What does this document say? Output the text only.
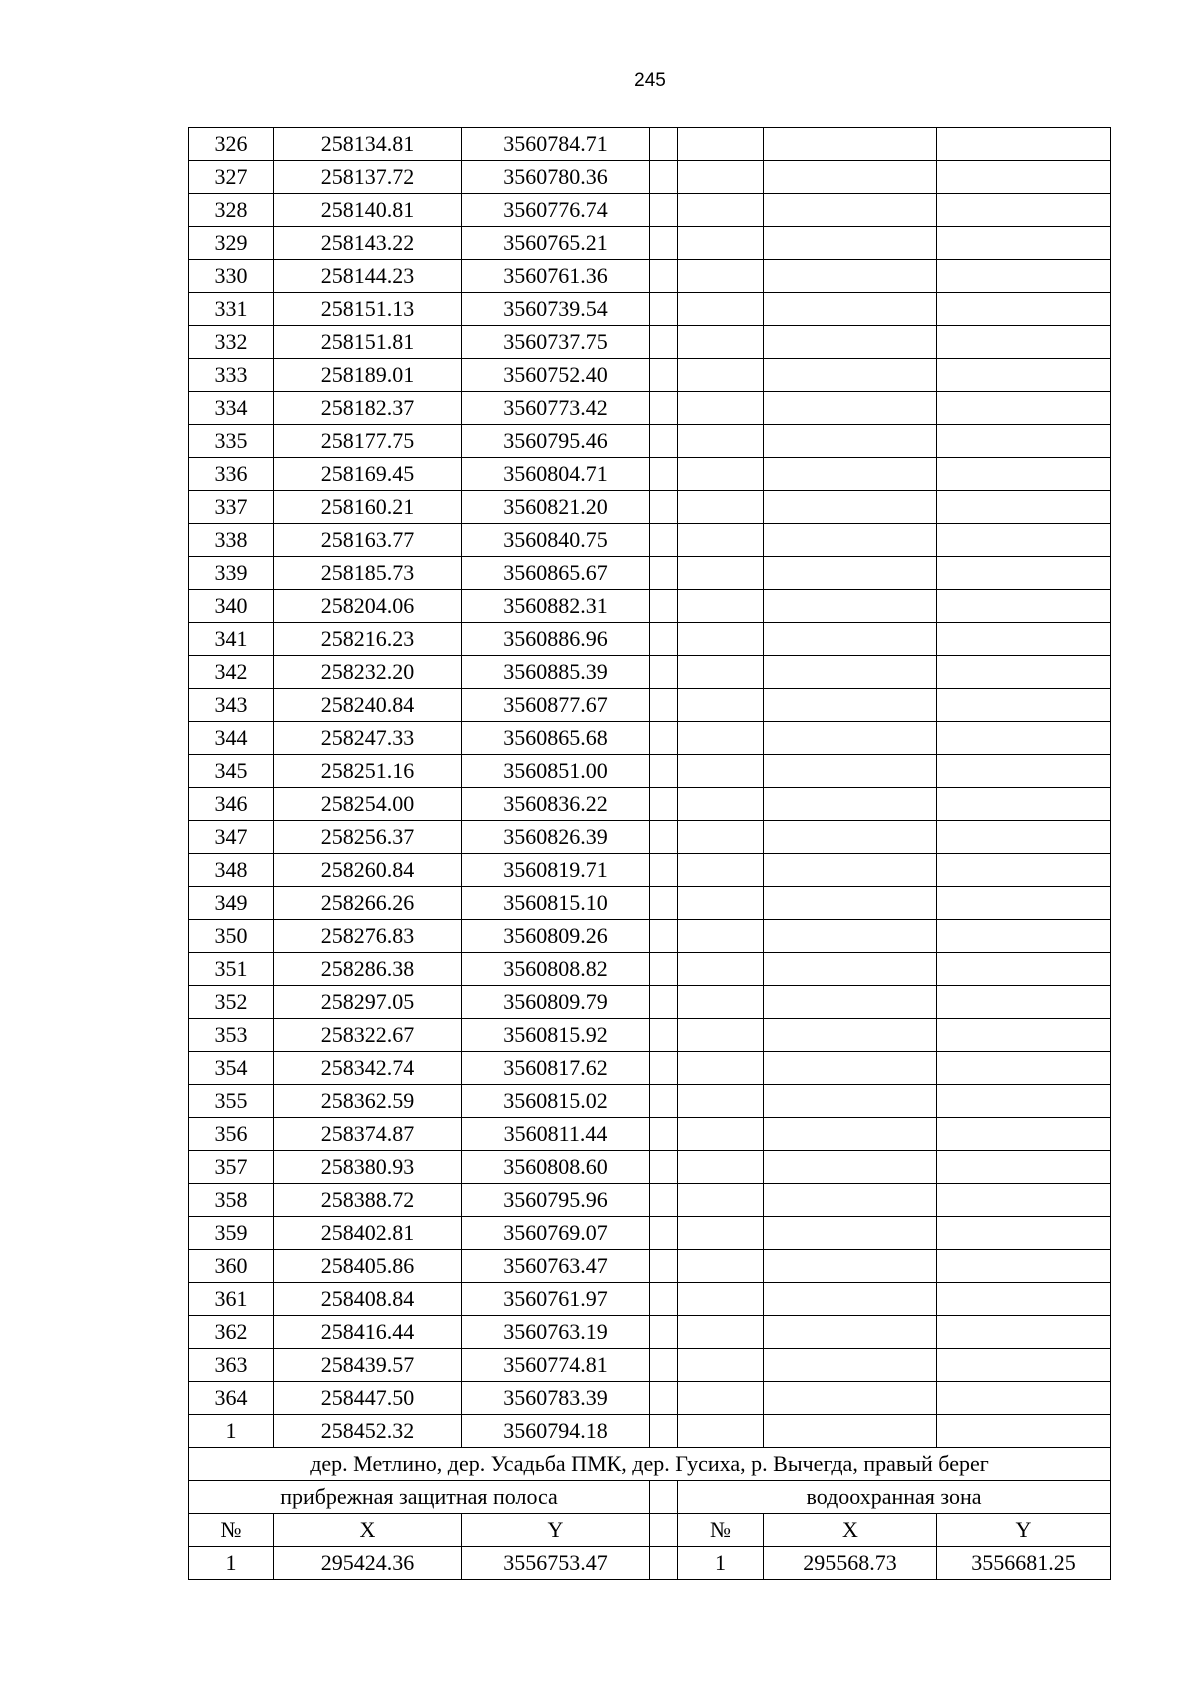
245
326	258134.81	3560784.71				
327	258137.72	3560780.36				
328	258140.81	3560776.74				
329	258143.22	3560765.21				
330	258144.23	3560761.36				
331	258151.13	3560739.54				
332	258151.81	3560737.75				
333	258189.01	3560752.40				
334	258182.37	3560773.42				
335	258177.75	3560795.46				
336	258169.45	3560804.71				
337	258160.21	3560821.20				
338	258163.77	3560840.75				
339	258185.73	3560865.67				
340	258204.06	3560882.31				
341	258216.23	3560886.96				
342	258232.20	3560885.39				
343	258240.84	3560877.67				
344	258247.33	3560865.68				
345	258251.16	3560851.00				
346	258254.00	3560836.22				
347	258256.37	3560826.39				
348	258260.84	3560819.71				
349	258266.26	3560815.10				
350	258276.83	3560809.26				
351	258286.38	3560808.82				
352	258297.05	3560809.79				
353	258322.67	3560815.92				
354	258342.74	3560817.62				
355	258362.59	3560815.02				
356	258374.87	3560811.44				
357	258380.93	3560808.60				
358	258388.72	3560795.96				
359	258402.81	3560769.07				
360	258405.86	3560763.47				
361	258408.84	3560761.97				
362	258416.44	3560763.19				
363	258439.57	3560774.81				
364	258447.50	3560783.39				
1	258452.32	3560794.18				
дер. Метлино, дер. Усадьба ПМК, дер. Гусиха, р. Вычегда, правый берег						
прибрежная защитная полоса				водоохранная зона		
№	X	Y		№	X	Y
1	295424.36	3556753.47		1	295568.73	3556681.25
